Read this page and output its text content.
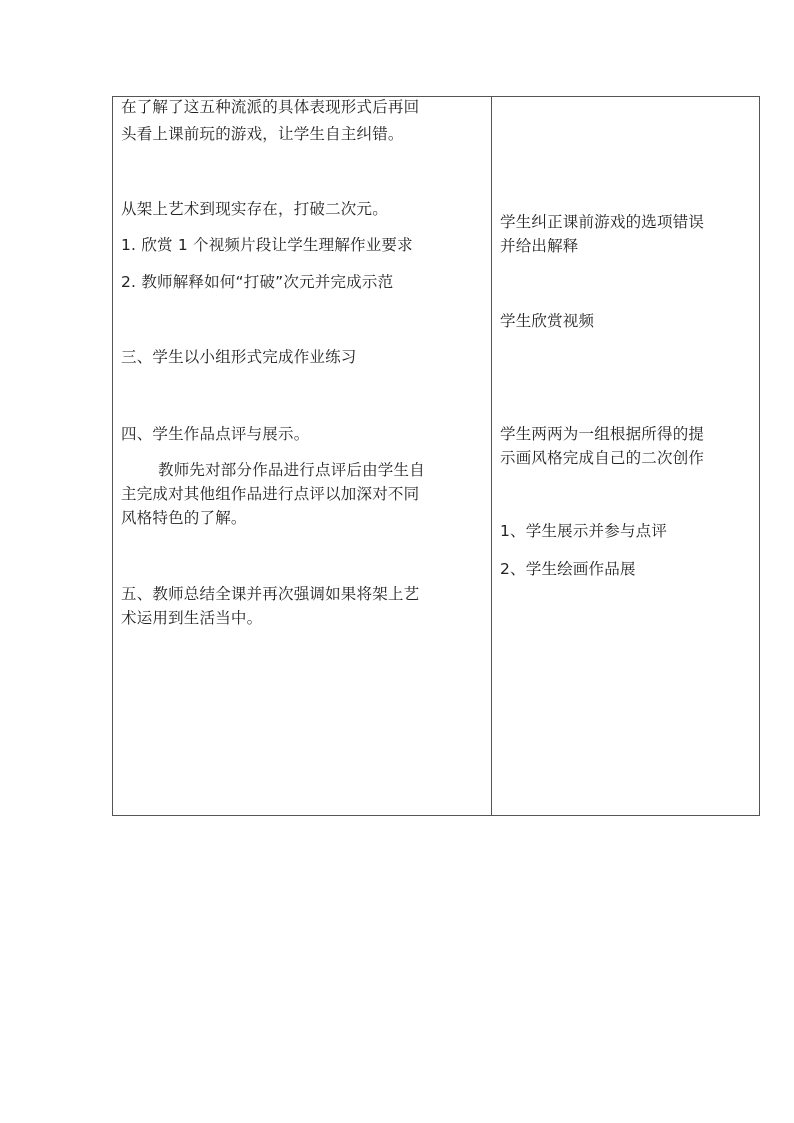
在了解了这五种流派的具体表现形式后再回
头看上课前玩的游戏，让学生自主纠错。
从架上艺术到现实存在，打破二次元。
1. 欣赏 1 个视频片段让学生理解作业要求
2. 教师解释如何“打破”次元并完成示范
三、学生以小组形式完成作业练习
四、学生作品点评与展示。
教师先对部分作品进行点评后由学生自
主完成对其他组作品进行点评以加深对不同
风格特色的了解。
五、教师总结全课并再次强调如果将架上艺
术运用到生活当中。
学生纠正课前游戏的选项错误
并给出解释
学生欣赏视频
学生两两为一组根据所得的提
示画风格完成自己的二次创作
1、学生展示并参与点评
2、学生绘画作品展
